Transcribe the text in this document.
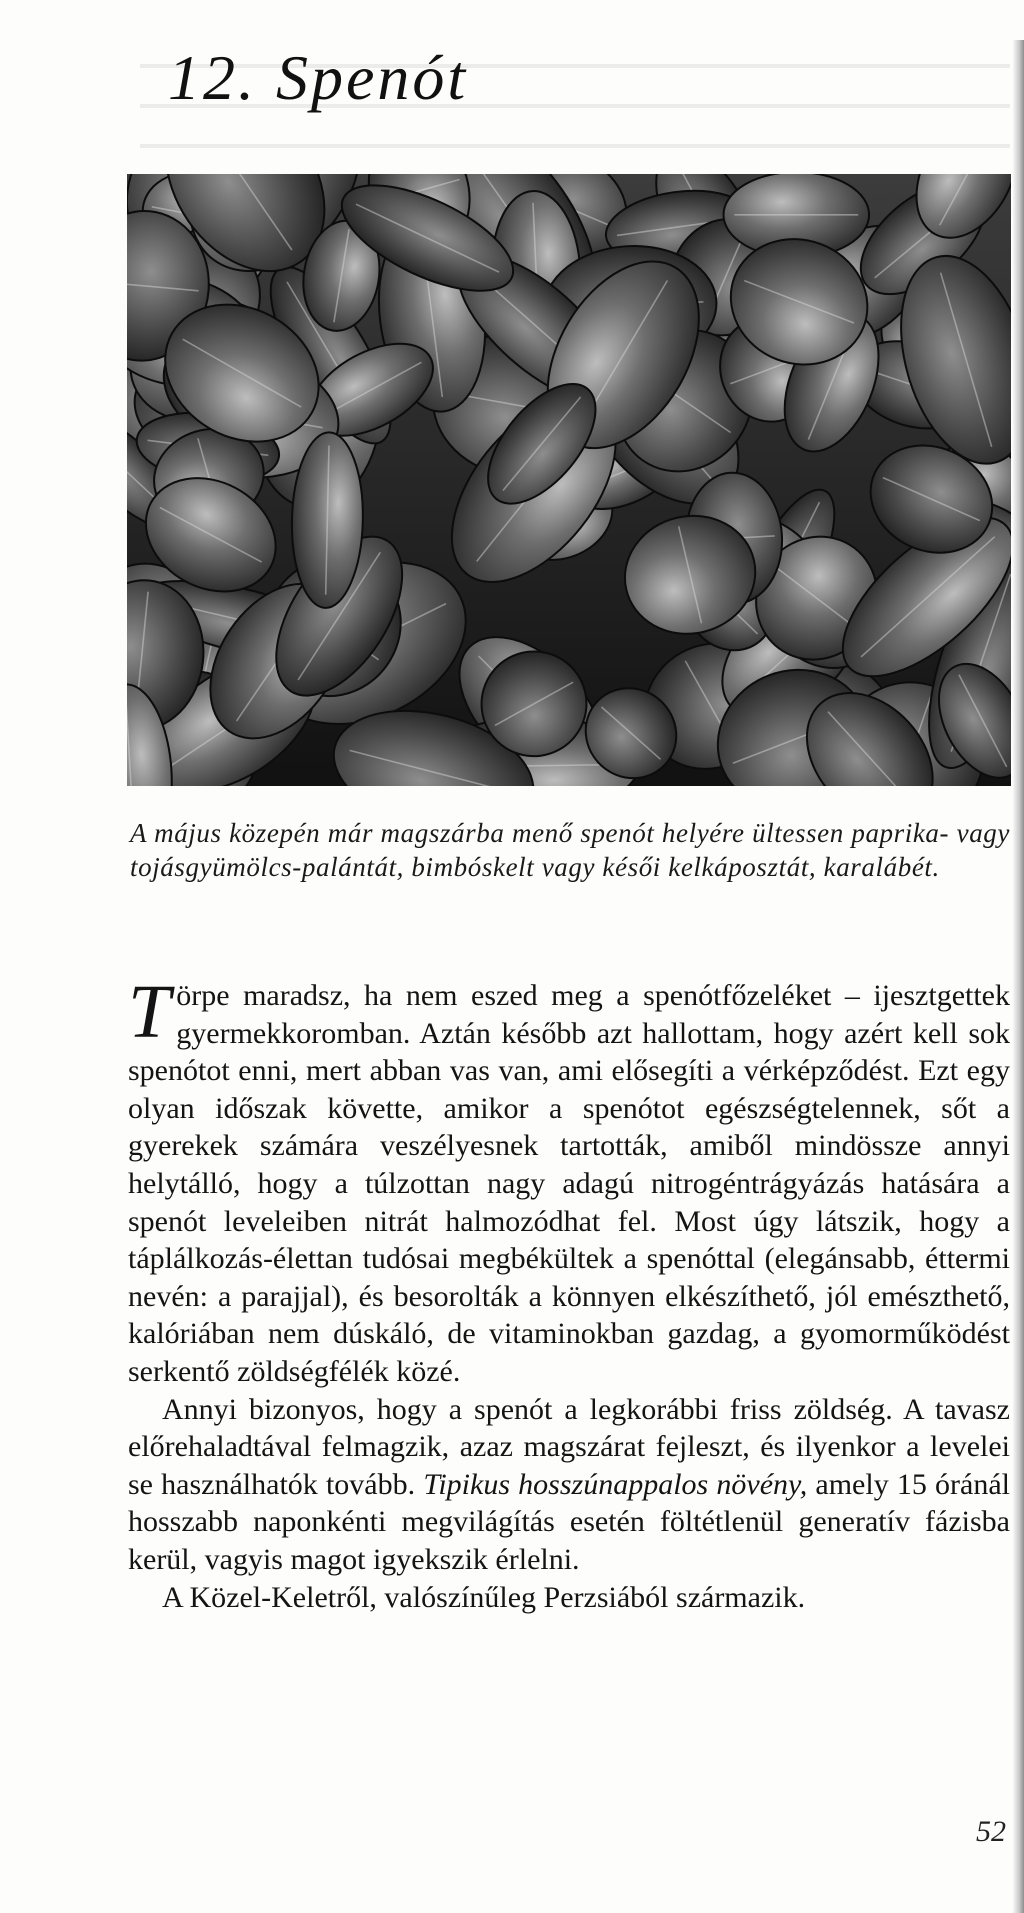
12. Spenót

A május közepén már magszárba menő spenót helyére ültessen paprika- vagy tojásgyümölcs-palántát, bimbóskelt vagy késői kelkáposztát, karalábét.

Törpe maradsz, ha nem eszed meg a spenótfőzeléket – ijesztgettek gyermekkoromban. Aztán később azt hallottam, hogy azért kell sok spenótot enni, mert abban vas van, ami elősegíti a vérképződést. Ezt egy olyan időszak követte, amikor a spenótot egészségtelennek, sőt a gyerekek számára veszélyesnek tartották, amiből mindössze annyi helytálló, hogy a túlzottan nagy adagú nitrogéntrágyázás hatására a spenót leveleiben nitrát halmozódhat fel. Most úgy látszik, hogy a táplálkozás-élettan tudósai megbékültek a spenóttal (elegánsabb, éttermi nevén: a parajjal), és besorolták a könnyen elkészíthető, jól emészthető, kalóriában nem dúskáló, de vitaminokban gazdag, a gyomorműködést serkentő zöldségfélék közé.

Annyi bizonyos, hogy a spenót a legkorábbi friss zöldség. A tavasz előrehaladtával felmagzik, azaz magszárat fejleszt, és ilyenkor a levelei se használhatók tovább. Tipikus hosszúnappalos növény, amely 15 óránál hosszabb naponkénti megvilágítás esetén föltétlenül generatív fázisba kerül, vagyis magot igyekszik érlelni.

A Közel-Keletről, valószínűleg Perzsiából származik.

52
